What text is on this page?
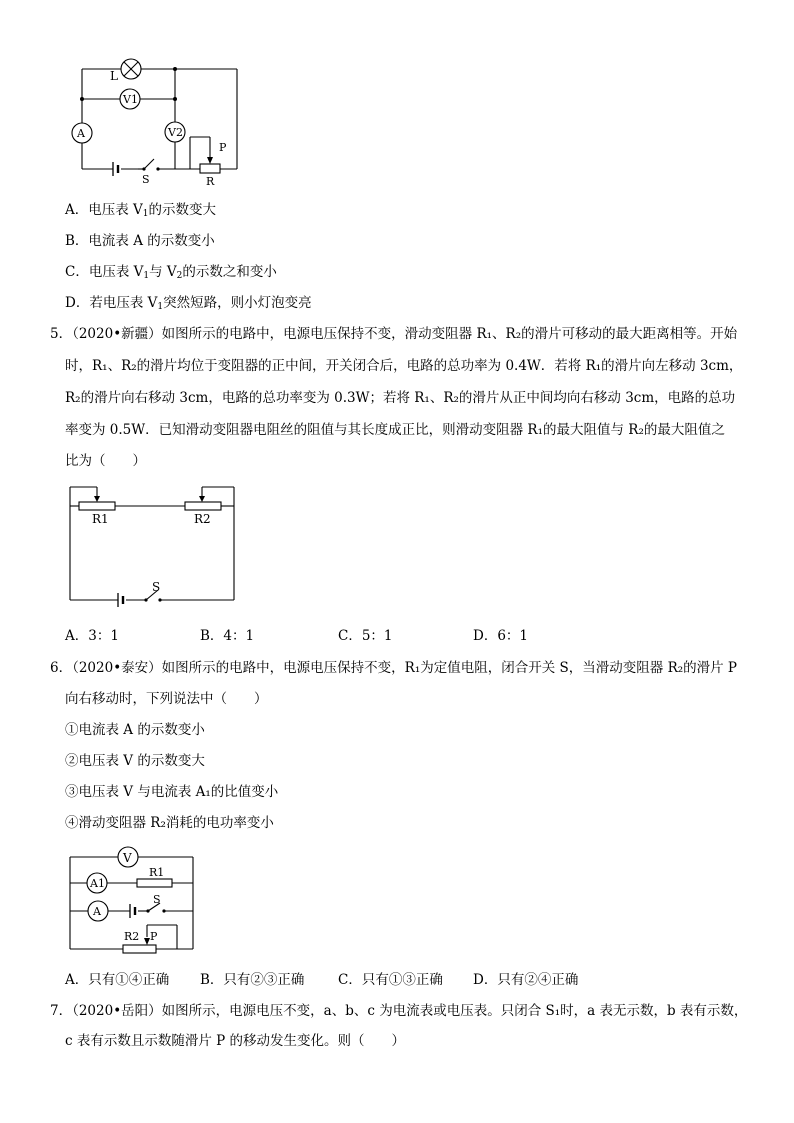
L
V1
A	V2
P
R
S
A．电压表 $V_1$的示数变大
B．电流表 A 的示数变小
C．电压表 $V_1$与 $V_2$的示数之和变小
D．若电压表 $V_1$突然短路，则小灯泡变亮
5．（2020•新疆）如图所示的电路中，电源电压保持不变，滑动变阻器 R₁、R₂的滑片可移动的最大距离相等。开始
时，R₁、R₂的滑片均位于变阻器的正中间，开关闭合后，电路的总功率为 0.4W．若将 R₁的滑片向左移动 3cm，
R₂的滑片向右移动 3cm，电路的总功率变为 0.3W；若将 R₁、R₂的滑片从正中间均向右移动 3cm，电路的总功
率变为 0.5W．已知滑动变阻器电阻丝的阻值与其长度成正比，则滑动变阻器 R₁的最大阻值与 R₂的最大阻值之
比为（　　）
R1	R2
S
A．3：1	B．4：1	C．5：1	D．6：1
6．（2020•泰安）如图所示的电路中，电源电压保持不变，R₁为定值电阻，闭合开关 S，当滑动变阻器 R₂的滑片 P
向右移动时，下列说法中（　　）
①电流表 A 的示数变小
②电压表 V 的示数变大
③电压表 V 与电流表 A₁的比值变小
④滑动变阻器 R₂消耗的电功率变小
V
A1
R1
A
S
R2 P
A．只有①④正确 B．只有②③正确 C．只有①③正确 D．只有②④正确
7．（2020•岳阳）如图所示，电源电压不变，a、b、c 为电流表或电压表。只闭合 S₁时，a 表无示数，b 表有示数，
c 表有示数且示数随滑片 P 的移动发生变化。则（　　）
